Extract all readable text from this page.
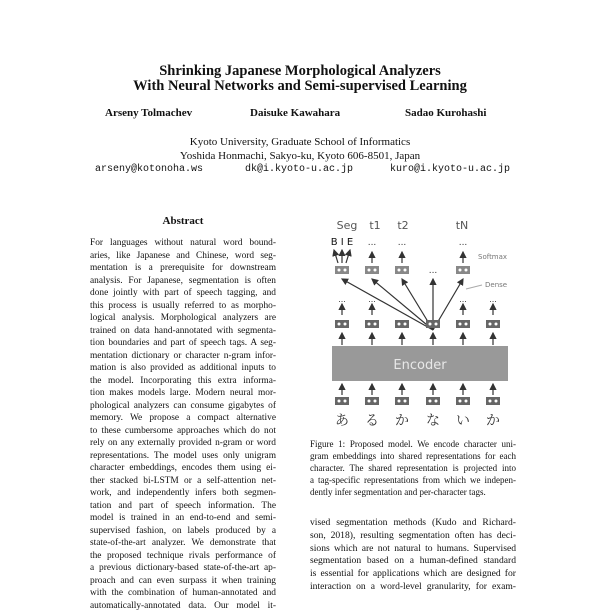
Shrinking Japanese Morphological Analyzers
With Neural Networks and Semi-supervised Learning
Arseny Tolmachev	Daisuke Kawahara	Sadao Kurohashi
Kyoto University, Graduate School of Informatics
Yoshida Honmachi, Sakyo-ku, Kyoto 606-8501, Japan
arseny@kotonoha.ws	dk@i.kyoto-u.ac.jp	kuro@i.kyoto-u.ac.jp
Abstract
For languages without natural word bound-
aries, like Japanese and Chinese, word seg-
mentation is a prerequisite for downstream
analysis. For Japanese, segmentation is often
done jointly with part of speech tagging, and
this process is usually referred to as morpho-
logical analysis. Morphological analyzers are
trained on data hand-annotated with segmenta-
tion boundaries and part of speech tags. A seg-
mentation dictionary or character n-gram infor-
mation is also provided as additional inputs to
the model. Incorporating this extra informa-
tion makes models large. Modern neural mor-
phological analyzers can consume gigabytes of
memory. We propose a compact alternative
to these cumbersome approaches which do not
rely on any externally provided n-gram or word
representations. The model uses only unigram
character embeddings, encodes them using ei-
ther stacked bi-LSTM or a self-attention net-
work, and independently infers both segmen-
tation and part of speech information. The
model is trained in an end-to-end and semi-
supervised fashion, on labels produced by a
state-of-the-art analyzer. We demonstrate that
the proposed technique rivals performance of
a previous dictionary-based state-of-the-art ap-
proach and can even surpass it when training
with the combination of human-annotated and
automatically-annotated data. Our model it-
Seg t1 t2	tN
B I E ... ...	...
...
Softmax
Dense
...	...	...	...
Encoder
あ る か な い か
Figure 1: Proposed model. We encode character uni-
gram embeddings into shared representations for each
character. The shared representation is projected into
a tag-specific representations from which we indepen-
dently infer segmentation and per-character tags.
vised segmentation methods (Kudo and Richard-
son, 2018), resulting segmentation often has deci-
sions which are not natural to humans. Supervised
segmentation based on a human-defined standard
is essential for applications which are designed for
interaction on a word-level granularity, for exam-
